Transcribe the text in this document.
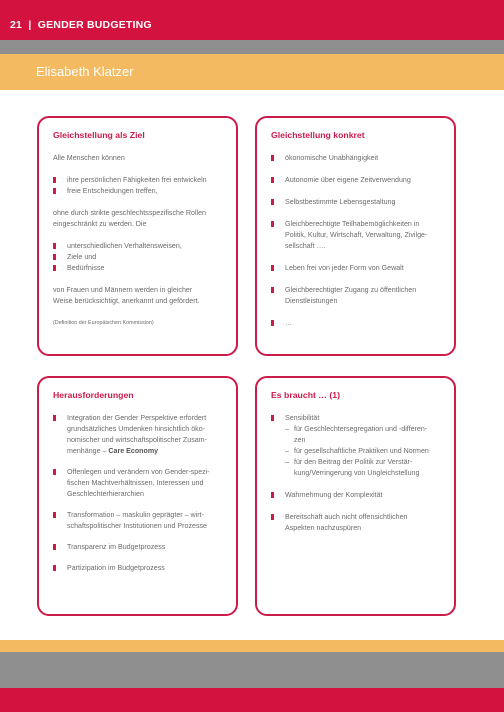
21 | GENDER BUDGETING
Elisabeth Klatzer
Gleichstellung als Ziel

Alle Menschen können

ihre persönlichen Fähigkeiten frei entwickeln

freie Entscheidungen treffen,

ohne durch strikte geschlechtsspezifische Rollen

eingeschränkt zu werden. Die

unterschiedlichen Verhaltensweisen,

Ziele und

Bedürfnisse

von Frauen und Männern werden in gleicher

Weise berücksichtigt, anerkannt und gefördert.

(Definition der Europäischen Kommission)

Gleichstellung konkret

ökonomische Unabhängigkeit

Autonomie über eigene Zeitverwendung

Selbstbestimmte Lebensgestaltung

Gleichberechtigte Teilhabemöglichkeiten in
Politik, Kultur, Wirtschaft, Verwaltung, Zivilge-
sellschaft ….

Leben frei von jeder Form von Gewalt

Gleichberechtigter Zugang zu öffentlichen
Dienstleistungen

…

Herausforderungen
Integration der Gender Perspektive erfordert
grundsätzliches Umdenken hinsichtlich öko-
nomischer und wirtschaftspolitischer Zusam-
menhänge – Care Economy
Offenlegen und verändern von Gender-spezi-
fischen Machtverhältnissen, Interessen und
Geschlechterhierarchien
Transformation – maskulin geprägter – wirt-
schaftspolitischer Institutionen und Prozesse

Transparenz im Budgetprozess

Partizipation im Budgetprozess

Es braucht … (1)

Sensibilität

– für Geschlechtersegregation und -differen-
zen
– für gesellschaftliche Praktiken und Normen
– für den Beitrag der Politik zur Verstär-
kung/Verringerung von Ungleichstellung

Wahrnehmung der Komplexität

Bereitschaft auch nicht offensichtlichen
Aspekten nachzuspüren
